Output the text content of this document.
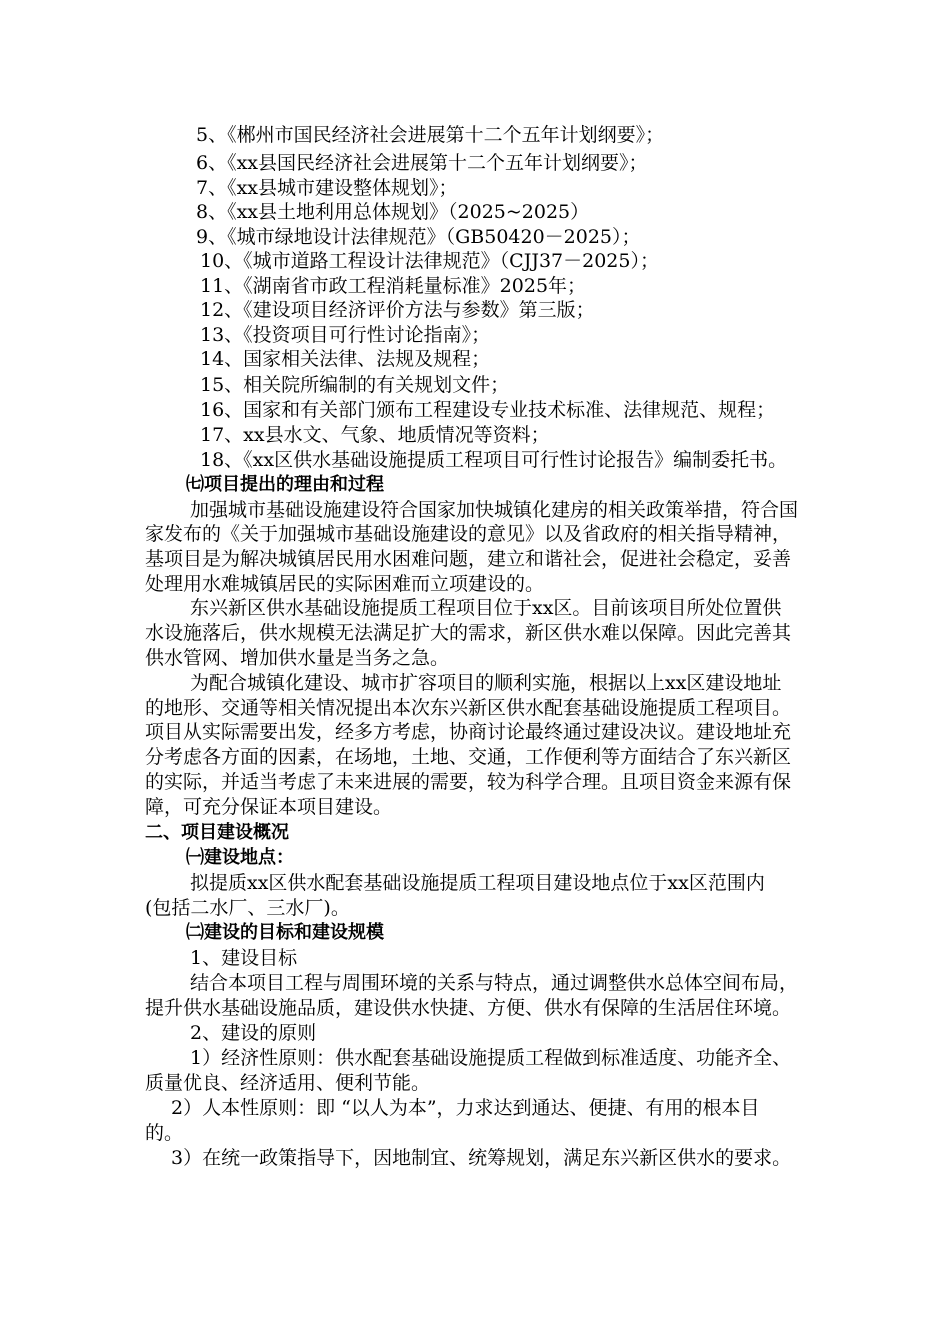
5、《郴州市国民经济社会进展第十二个五年计划纲要》；
6、《xx县国民经济社会进展第十二个五年计划纲要》；
7、《xx县城市建设整体规划》；
8、《xx县土地利用总体规划》（2025~2025）
9、《城市绿地设计法律规范》（GB50420－2025）；
10、《城市道路工程设计法律规范》（CJJ37－2025）；
11、《湖南省市政工程消耗量标准》2025年；
12、《建设项目经济评价方法与参数》第三版；
13、《投资项目可行性讨论指南》；
14、国家相关法律、法规及规程；
15、相关院所编制的有关规划文件；
16、国家和有关部门颁布工程建设专业技术标准、法律规范、规程；
17、xx县水文、气象、地质情况等资料；
18、《xx区供水基础设施提质工程项目可行性讨论报告》编制委托书。
㈦项目提出的理由和过程
加强城市基础设施建设符合国家加快城镇化建房的相关政策举措，符合国
家发布的《关于加强城市基础设施建设的意见》以及省政府的相关指导精神，
基项目是为解决城镇居民用水困难问题，建立和谐社会，促进社会稳定，妥善
处理用水难城镇居民的实际困难而立项建设的。
东兴新区供水基础设施提质工程项目位于xx区。目前该项目所处位置供
水设施落后，供水规模无法满足扩大的需求，新区供水难以保障。因此完善其
供水管网、增加供水量是当务之急。
为配合城镇化建设、城市扩容项目的顺利实施，根据以上xx区建设地址
的地形、交通等相关情况提出本次东兴新区供水配套基础设施提质工程项目。
项目从实际需要出发，经多方考虑，协商讨论最终通过建设决议。建设地址充
分考虑各方面的因素，在场地，土地、交通，工作便利等方面结合了东兴新区
的实际，并适当考虑了未来进展的需要，较为科学合理。且项目资金来源有保
障，可充分保证本项目建设。
二、项目建设概况
㈠建设地点：
拟提质xx区供水配套基础设施提质工程项目建设地点位于xx区范围内
(包括二水厂、三水厂)。
㈡建设的目标和建设规模
1、建设目标
结合本项目工程与周围环境的关系与特点，通过调整供水总体空间布局，
提升供水基础设施品质，建设供水快捷、方便、供水有保障的生活居住环境。
2、建设的原则
1）经济性原则：供水配套基础设施提质工程做到标准适度、功能齐全、
质量优良、经济适用、便利节能。
2）人本性原则：即 “以人为本”，力求达到通达、便捷、有用的根本目
的。
3）在统一政策指导下，因地制宜、统筹规划，满足东兴新区供水的要求。
